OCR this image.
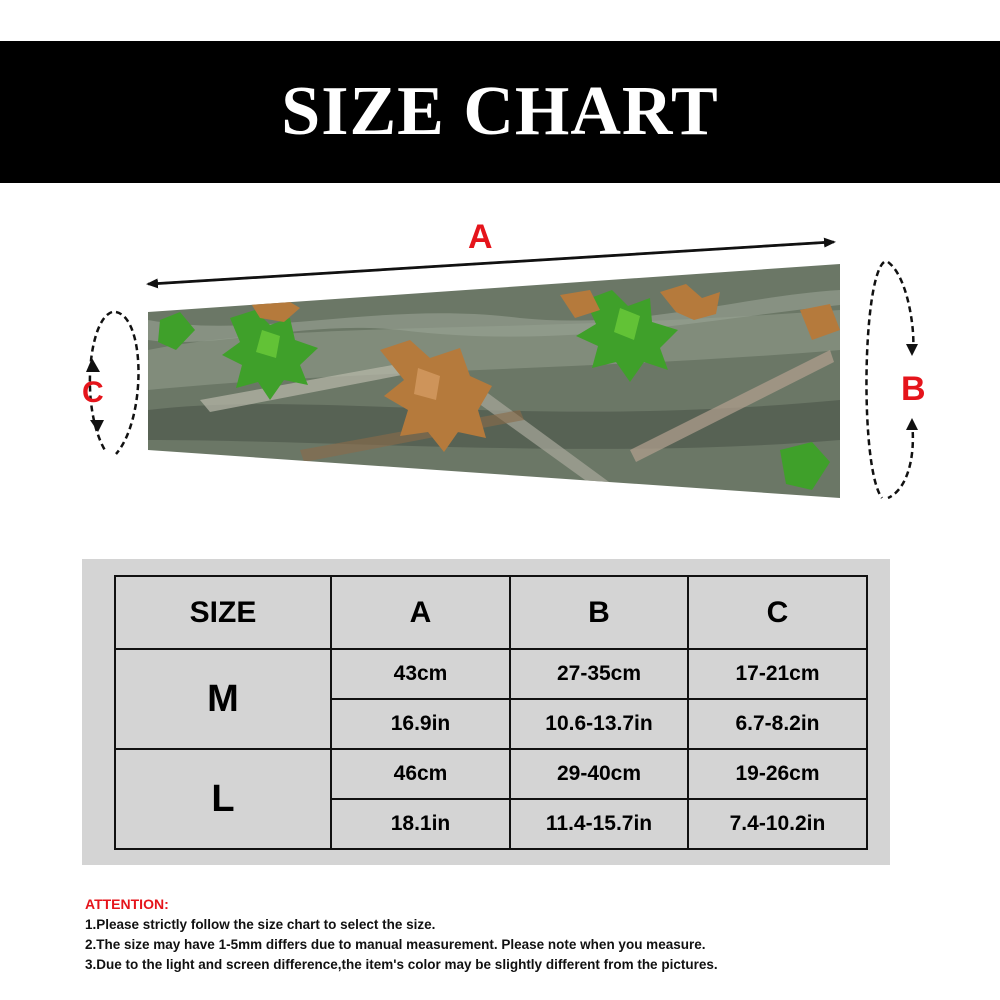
SIZE CHART
A
B
C
SIZE	A	B	C
M	43cm	27-35cm	17-21cm
	16.9in	10.6-13.7in	6.7-8.2in
L	46cm	29-40cm	19-26cm
	18.1in	11.4-15.7in	7.4-10.2in
ATTENTION:
1.Please strictly follow the size chart to select the size.
2.The size may have 1-5mm differs due to manual measurement. Please note when you measure.
3.Due to the light and screen difference,the item's color may be slightly different from the pictures.
